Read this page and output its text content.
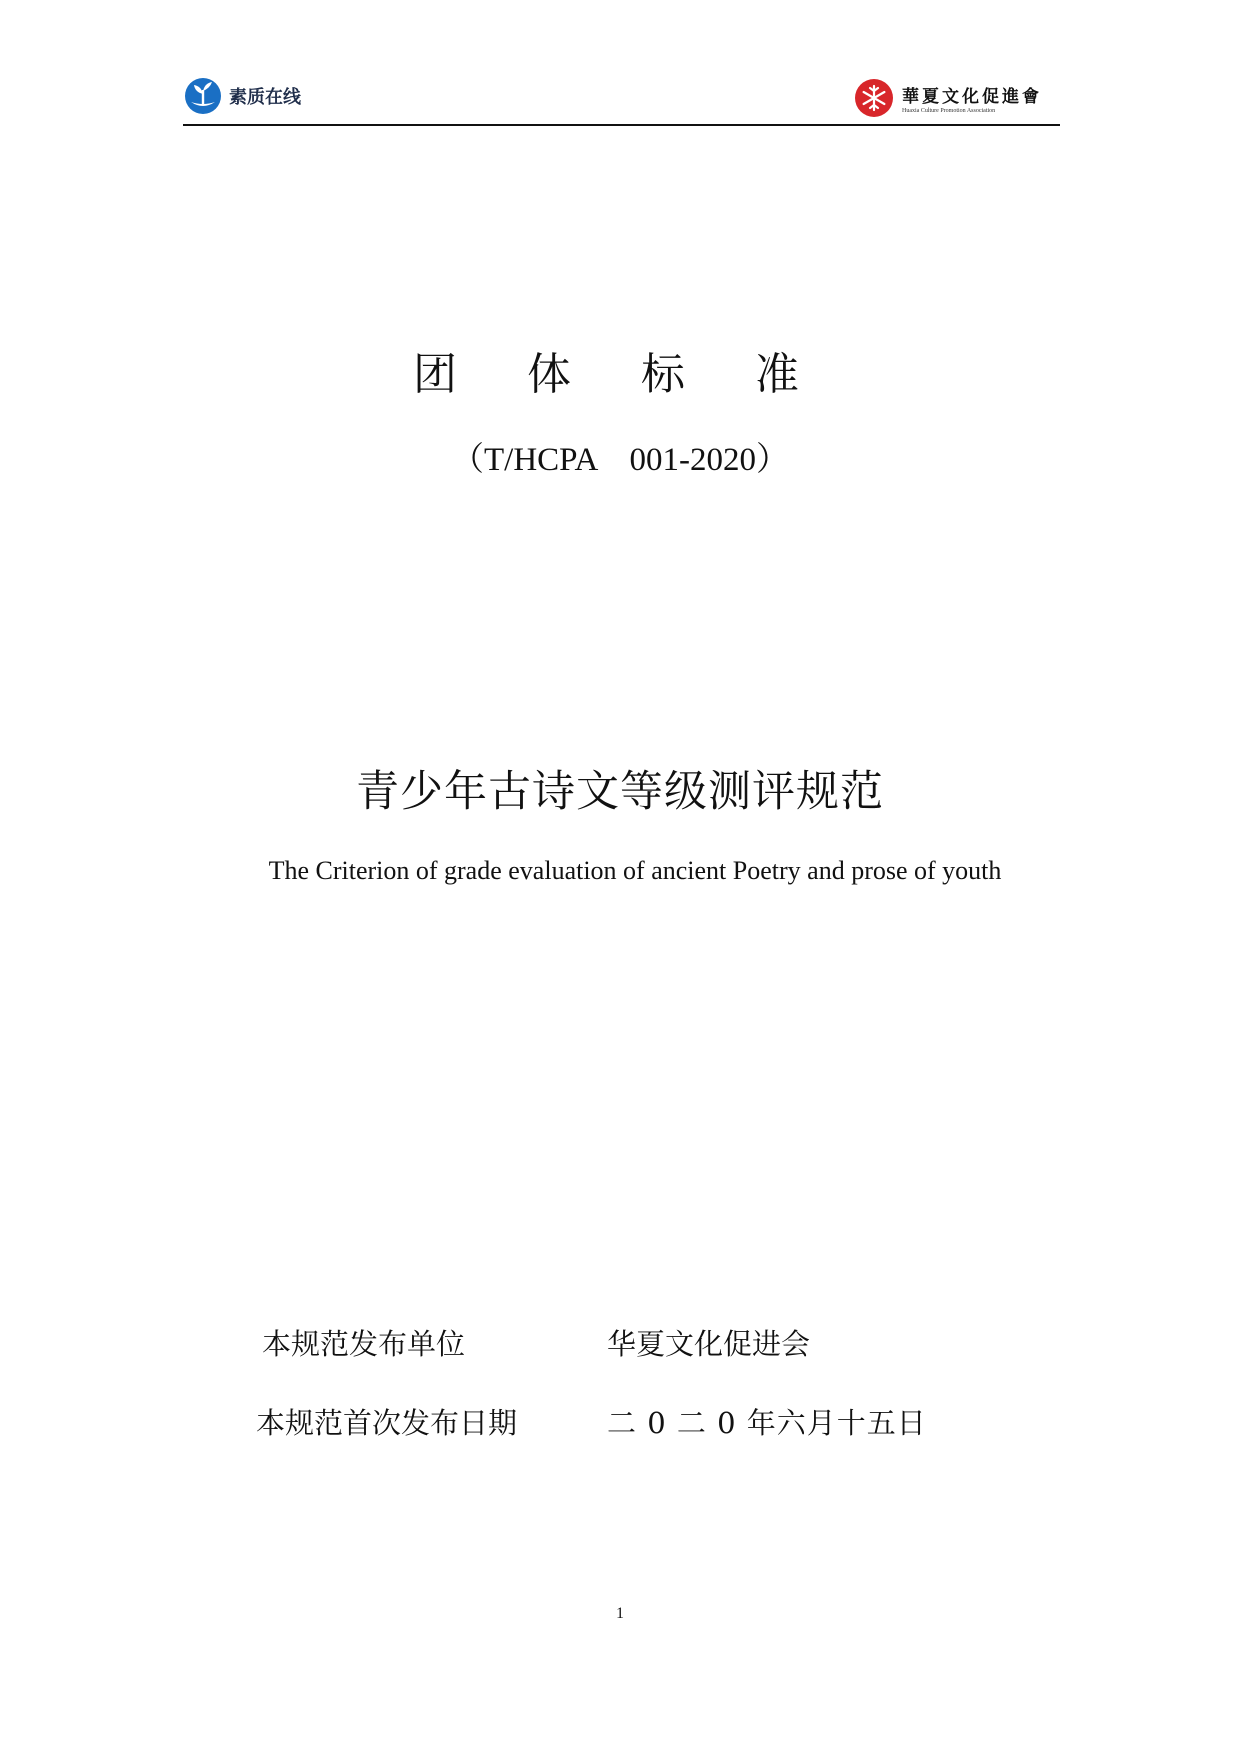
素质在线	華夏文化促進會
Huaxia Culture Promotion Association
团 体 标 准
（T/HCPA　001-2020）
青少年古诗文等级测评规范
The Criterion of grade evaluation of ancient Poetry and prose of youth
本规范发布单位	华夏文化促进会
本规范首次发布日期	二 0 二 0 年六月十五日
1
